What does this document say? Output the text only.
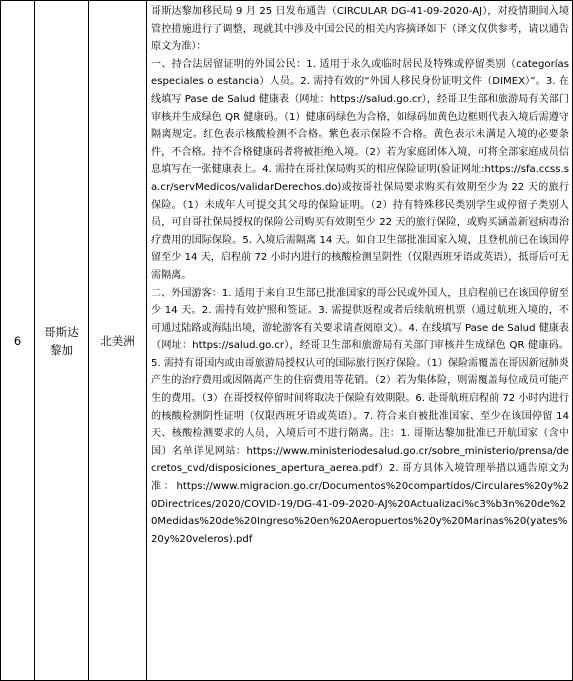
6
哥斯达黎加
北美洲

哥斯达黎加移民局 9 月 25 日发布通告（CIRCULAR DG-41-09-2020-AJ），对疫情期间入境管控措施进行了调整，现就其中涉及中国公民的相关内容摘译如下（译文仅供参考，请以通告原文为准）：

一、持合法居留证明的外国公民：1. 适用于永久或临时居民及特殊或停留类别（categorías especiales o estancia）人员。2. 需持有效的“外国人移民身份证明文件（DIMEX）”。3. 在线填写 Pase de Salud 健康表（网址：https://salud.go.cr），经哥卫生部和旅游局有关部门审核并生成绿色 QR 健康码。（1）健康码绿色为合格，如绿码加黄色边框则代表入境后需遵守隔离规定。红色表示核酸检测不合格。紫色表示保险不合格。黄色表示未满足入境的必要条件，不合格。持不合格健康码者将被拒绝入境。（2）若为家庭团体入境，可将全部家庭成员信息填写在一张健康表上。4. 需持在哥社保局购买的相应保险证明(验证网址:https://sfa.ccss.sa.cr/servMedicos/validarDerechos.do)或按哥社保局要求购买有效期至少为 22 天的旅行保险。（1）未成年人可提交其父母的保险证明。（2）持有特殊移民类别学生或停留子类别人员，可自哥社保局授权的保险公司购买有效期至少 22 天的旅行保险，或购买涵盖新冠病毒治疗费用的国际保险。5. 入境后需隔离 14 天。如自卫生部批准国家入境，且登机前已在该国停留至少 14 天，启程前 72 小时内进行的核酸检测呈阴性（仅限西班牙语或英语），抵哥后可无需隔离。

二、外国游客：1. 适用于来自卫生部已批准国家的哥公民或外国人，且启程前已在该国停留至少 14 天。2. 需持有效护照和签证。3. 需提供返程或者后续航班机票（通过航班入境的，不可通过陆路或海陆出境，游轮游客有关要求请查阅原文）。4. 在线填写 Pase de Salud 健康表（网址：https://salud.go.cr），经哥卫生部和旅游局有关部门审核并生成绿色 QR 健康码。5. 需持有哥国内或由哥旅游局授权认可的国际旅行医疗保险。（1）保险需覆盖在哥因新冠肺炎产生的治疗费用或因隔离产生的住宿费用等花销。（2）若为集体险，则需覆盖每位成员可能产生的费用。（3）在哥授权停留时间将取决于保险有效期限。6. 赴哥航班启程前 72 小时内进行的核酸检测阴性证明（仅限西班牙语或英语）。7. 符合来自被批准国家、至少在该国停留 14 天、核酸检测要求的人员，入境后可不进行隔离。注：1. 哥斯达黎加批准已开航国家（含中国）名单详见网站：https://www.ministeriodesalud.go.cr/sobre_ministerio/prensa/decretos_cvd/disposiciones_apertura_aerea.pdf）2. 哥方具体入境管理举措以通告原文为准：https://www.migracion.go.cr/Documentos%20compartidos/Circulares%20y%20Directrices/2020/COVID-19/DG-41-09-2020-AJ%20Actualizaci%c3%b3n%20de%20Medidas%20de%20Ingreso%20en%20Aeropuertos%20y%20Marinas%20(yates%20y%20veleros).pdf
